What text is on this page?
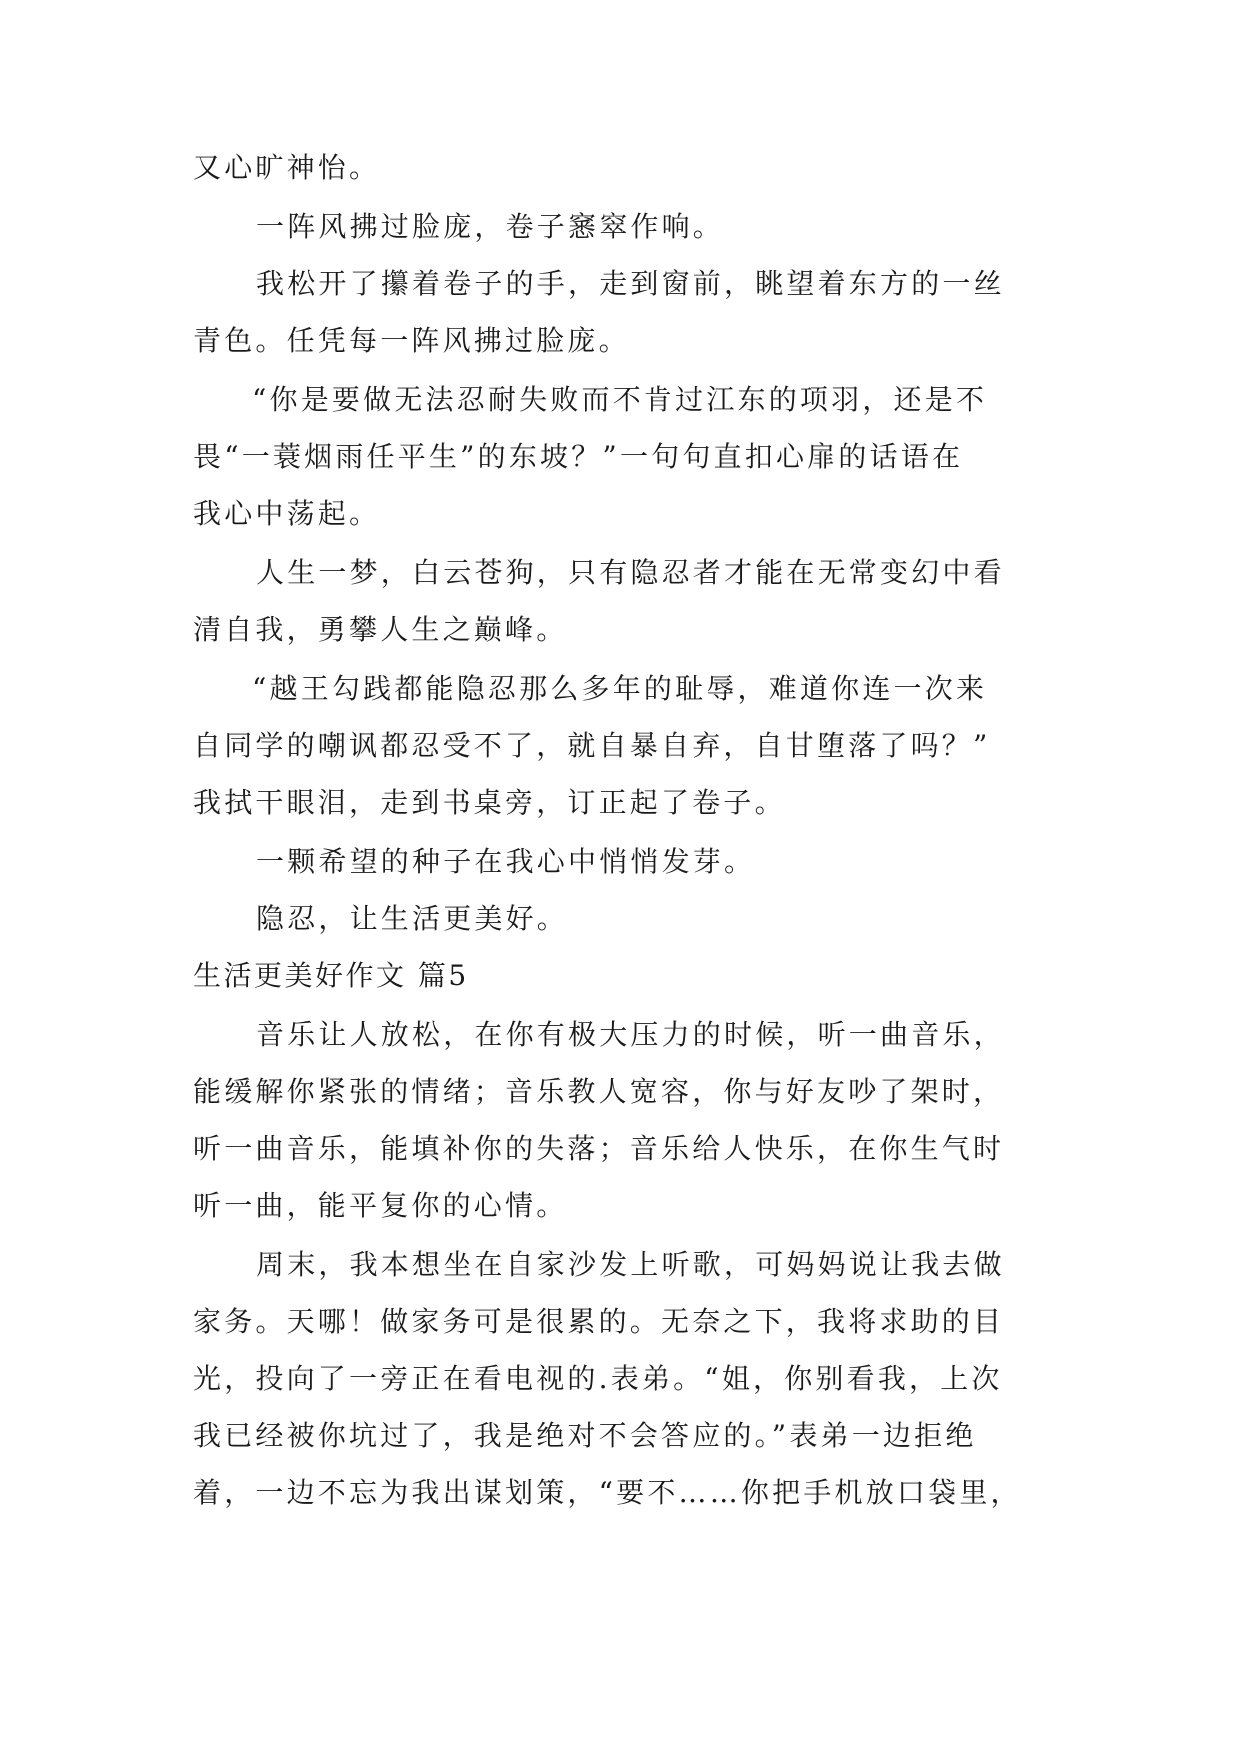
又心旷神怡。
一阵风拂过脸庞，卷子窸窣作响。
我松开了攥着卷子的手，走到窗前，眺望着东方的一丝
青色。任凭每一阵风拂过脸庞。
“你是要做无法忍耐失败而不肯过江东的项羽，还是不
畏“一蓑烟雨任平生”的东坡？”一句句直扣心扉的话语在
我心中荡起。
人生一梦，白云苍狗，只有隐忍者才能在无常变幻中看
清自我，勇攀人生之巅峰。
“越王勾践都能隐忍那么多年的耻辱，难道你连一次来
自同学的嘲讽都忍受不了，就自暴自弃，自甘堕落了吗？”
我拭干眼泪，走到书桌旁，订正起了卷子。
一颗希望的种子在我心中悄悄发芽。
隐忍，让生活更美好。
生活更美好作文 篇5
音乐让人放松，在你有极大压力的时候，听一曲音乐，
能缓解你紧张的情绪；音乐教人宽容，你与好友吵了架时，
听一曲音乐，能填补你的失落；音乐给人快乐，在你生气时
听一曲，能平复你的心情。
周末，我本想坐在自家沙发上听歌，可妈妈说让我去做
家务。天哪！做家务可是很累的。无奈之下，我将求助的目
光，投向了一旁正在看电视的.表弟。“姐，你别看我，上次
我已经被你坑过了，我是绝对不会答应的。”表弟一边拒绝
着，一边不忘为我出谋划策，“要不……你把手机放口袋里，
